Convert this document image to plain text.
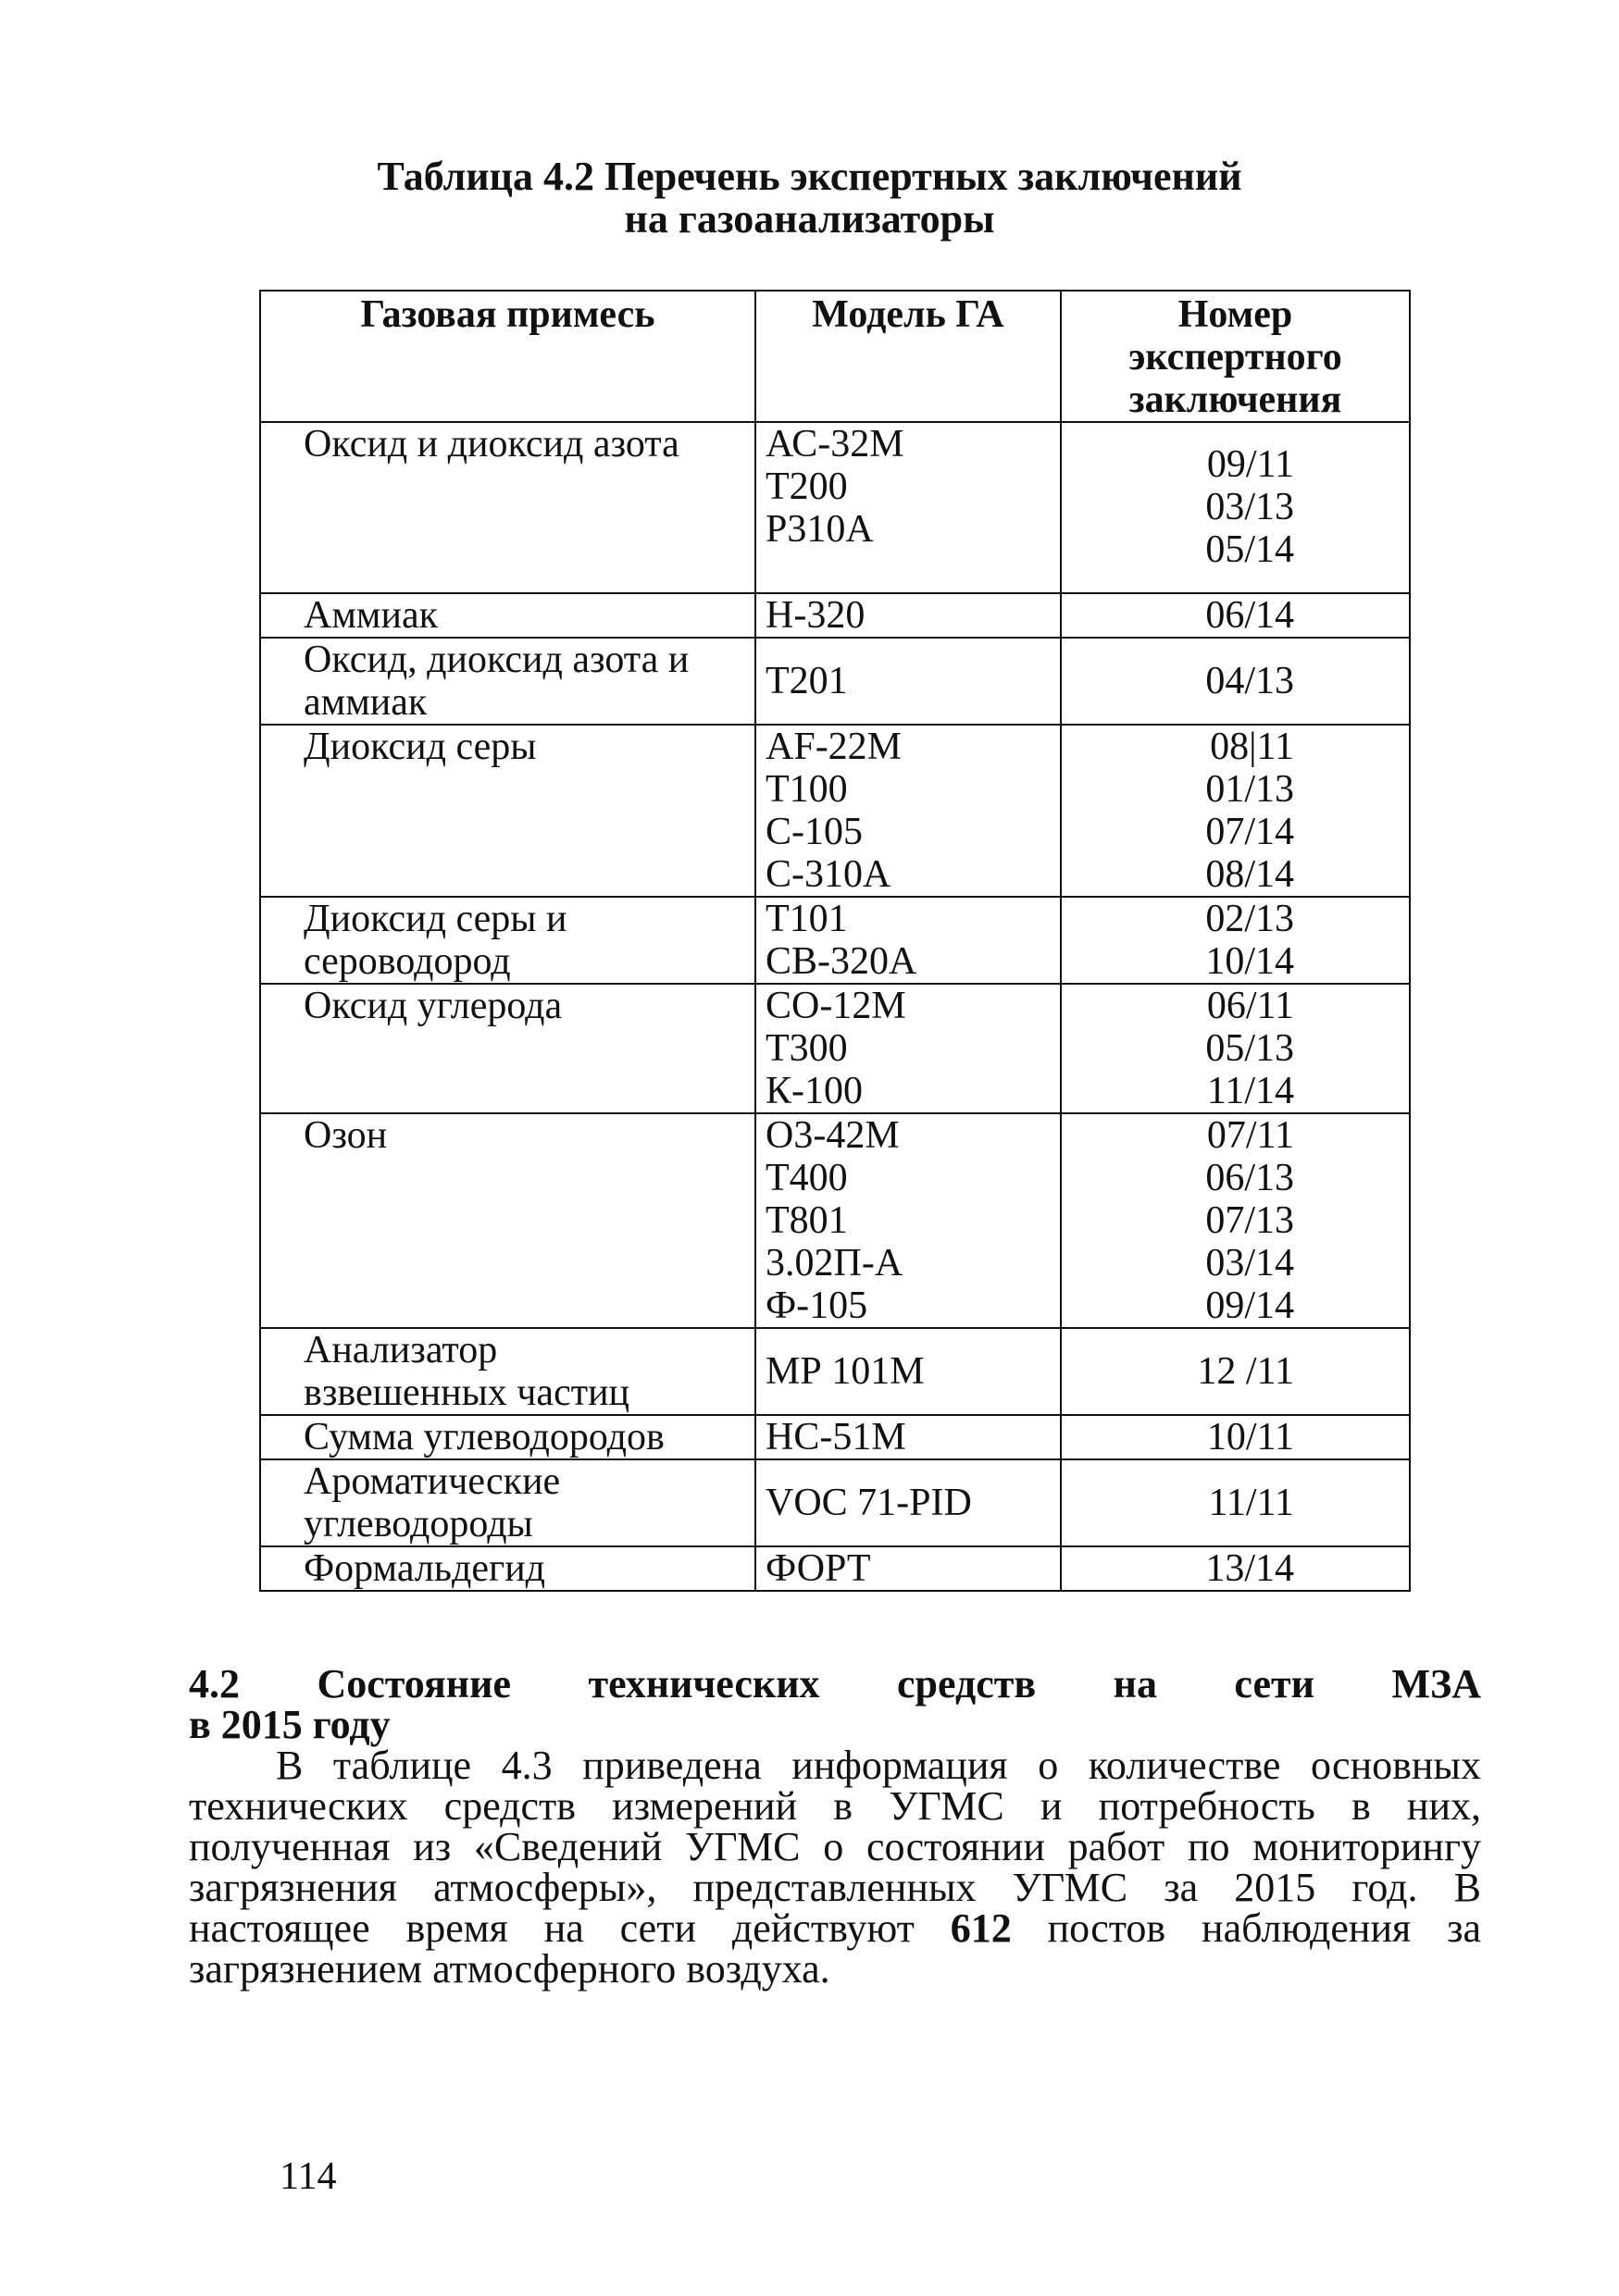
Таблица 4.2 Перечень экспертных заключений
на газоанализаторы
Газовая примесь	Модель ГА	Номер
экспертного
заключения

Оксид и диоксид азота	АС-32М
Т200
Р310А	09/11
03/13
05/14

Аммиак	Н-320	06/14

Оксид, диоксид азота и
аммиак	Т201	04/13

Диоксид серы	АF-22М
Т100
С-105
С-310А	08|11
01/13
07/14
08/14

Диоксид серы и
сероводород	Т101
СВ-320А	02/13
10/14

Оксид углерода	СО-12М
Т300
К-100	06/11
05/13
11/14

Озон	О3-42М
Т400
Т801
3.02П-А
Ф-105	07/11
06/13
07/13
03/14
09/14

Анализатор
взвешенных частиц	МР 101М	12 /11

Сумма углеводородов	НС-51М	10/11

Ароматические
углеводороды	VOC 71-PID	11/11

Формальдегид	ФОРТ	13/14
4.2 Состояние технических средств на сети МЗА
в 2015 году

В таблице 4.3 приведена информация о количестве основных технических средств измерений в УГМС и потребность в них, полученная из «Сведений УГМС о состоянии работ по мониторингу загрязнения атмосферы», представленных УГМС за 2015 год. В настоящее время на сети действуют 612 постов наблюдения за загрязнением атмосферного воздуха.

114
